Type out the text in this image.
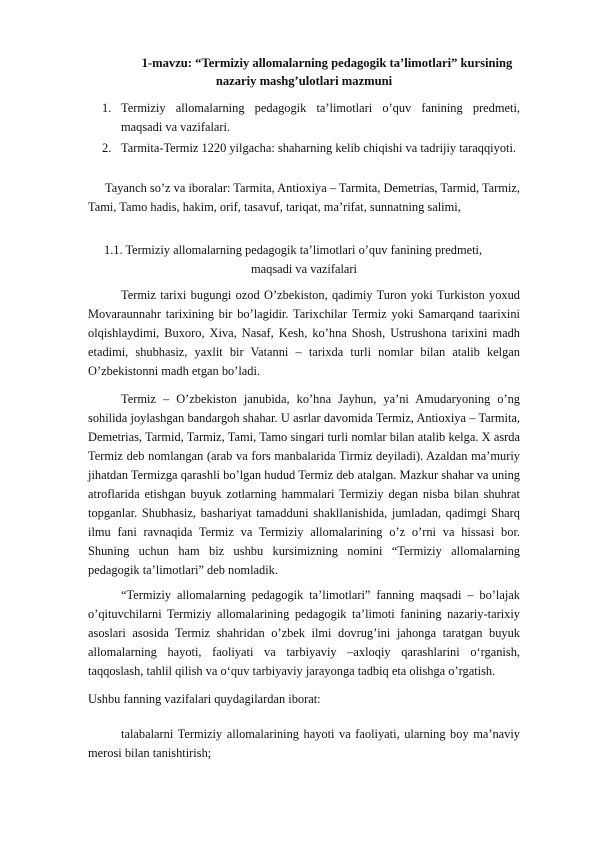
1-mavzu: “Termiziy allomalarning pedagogik ta’limotlari” kursining
nazariy mashg’ulotlari mazmuni
1. Termiziy allomalarning pedagogik ta’limotlari o’quv fanining predmeti, maqsadi va vazifalari.
2. Tarmita-Termiz 1220 yilgacha: shaharning kelib chiqishi va tadrijiy taraqqiyoti.
Tayanch so’z va iboralar: Tarmita, Antioxiya – Tarmita, Demetrias, Tarmid, Tarmiz, Tami, Tamo hadis, hakim, orif, tasavuf, tariqat, ma’rifat, sunnatning salimi,
1.1. Termiziy allomalarning pedagogik ta’limotlari o’quv fanining predmeti,
maqsadi va vazifalari
Termiz tarixi bugungi ozod O’zbekiston, qadimiy Turon yoki Turkiston yoxud Movaraunnahr tarixining bir bo’lagidir. Tarixchilar Termiz yoki Samarqand taarixini olqishlaydimi, Buxoro, Xiva, Nasaf, Kesh, ko’hna Shosh, Ustrushona tarixini madh etadimi, shubhasiz, yaxlit bir Vatanni – tarixda turli nomlar bilan atalib kelgan O’zbekistonni madh etgan bo’ladi.
Termiz – O’zbekiston janubida, ko’hna Jayhun, ya’ni Amudaryoning o’ng sohilida joylashgan bandargoh shahar. U asrlar davomida Termiz, Antioxiya – Tarmita, Demetrias, Tarmid, Tarmiz, Tami, Tamo singari turli nomlar bilan atalib kelga. X asrda Termiz deb nomlangan (arab va fors manbalarida Tirmiz deyiladi). Azaldan ma’muriy jihatdan Termizga qarashli bo’lgan hudud Termiz deb atalgan. Mazkur shahar va uning atroflarida etishgan buyuk zotlarning hammalari Termiziy degan nisba bilan shuhrat topganlar. Shubhasiz, bashariyat tamadduni shakllanishida, jumladan, qadimgi Sharq ilmu fani ravnaqida Termiz va Termiziy allomalarining o’z o’rni va hissasi bor. Shuning uchun ham biz ushbu kursimizning nomini “Termiziy allomalarning pedagogik ta’limotlari” deb nomladik.
“Termiziy allomalarning pedagogik ta’limotlari” fanning maqsadi – bo’lajak o’qituvchilarni Termiziy allomalarining pedagogik ta’limoti fanining nazariy-tarixiy asoslari asosida Termiz shahridan o’zbek ilmi dovrug’ini jahonga taratgan buyuk allomalarning hayoti, faoliyati va tarbiyaviy –axloqiy qarashlarini o‘rganish, taqqoslash, tahlil qilish va o‘quv tarbiyaviy jarayonga tadbiq eta olishga o’rgatish.
Ushbu fanning vazifalari quydagilardan iborat:
talabalarni Termiziy allomalarining hayoti va faoliyati, ularning boy ma’naviy merosi bilan tanishtirish;
